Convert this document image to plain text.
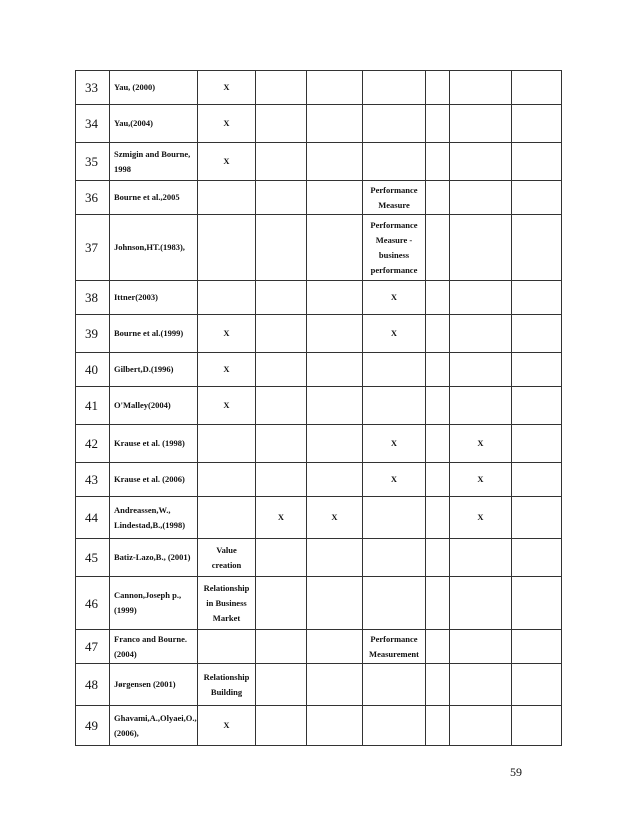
33	Yau, (2000)	X						
34	Yau,(2004)	X						
35	Szmigin and Bourne, 1998	X						
36	Bourne et al.,2005				Performance Measure			
37	Johnson,HT.(1983),				Performance Measure - business performance			
38	Ittner(2003)				X			
39	Bourne et al.(1999)	X			X			
40	Gilbert,D.(1996)	X						
41	O'Malley(2004)	X						
42	Krause et al. (1998)				X		X	
43	Krause et al. (2006)				X		X	
44	Andreassen,W., Lindestad,B.,(1998)		X	X			X	
45	Batiz-Lazo,B., (2001)	Value creation						
46	Cannon,Joseph p.,(1999)	Relationship in Business Market						
47	Franco and Bourne.(2004)				Performance Measurement			
48	Jørgensen (2001)	Relationship Building						
49	Ghavami,A.,Olyaei,O., (2006),	X						
59
